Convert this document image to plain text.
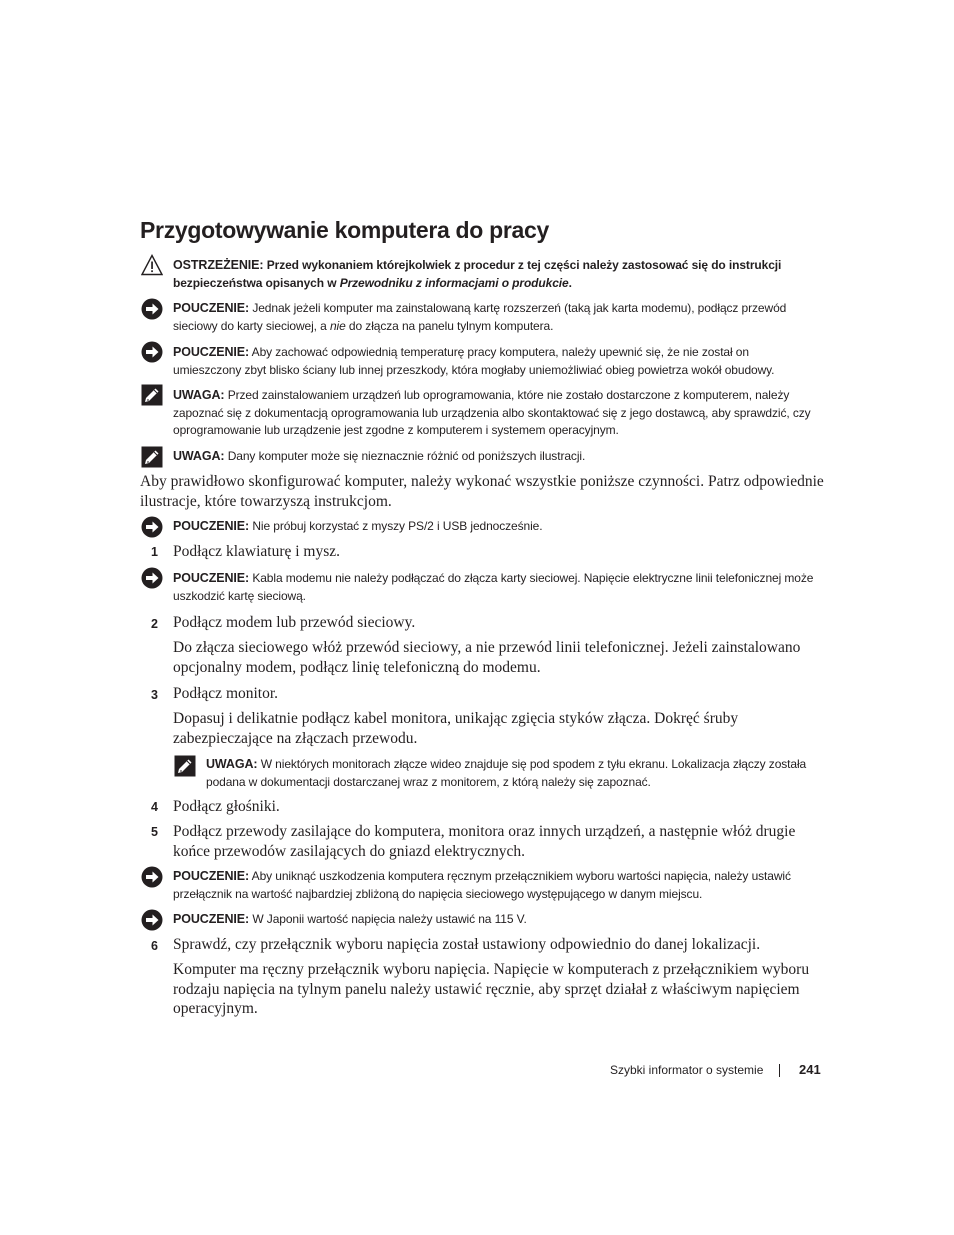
Przygotowywanie komputera do pracy
OSTRZEŻENIE: Przed wykonaniem którejkolwiek z procedur z tej części należy zastosować się do instrukcji
bezpieczeństwa opisanych w Przewodniku z informacjami o produkcie.
POUCZENIE: Jednak jeżeli komputer ma zainstalowaną kartę rozszerzeń (taką jak karta modemu), podłącz przewód
sieciowy do karty sieciowej, a nie do złącza na panelu tylnym komputera.
POUCZENIE: Aby zachować odpowiednią temperaturę pracy komputera, należy upewnić się, że nie został on
umieszczony zbyt blisko ściany lub innej przeszkody, która mogłaby uniemożliwiać obieg powietrza wokół obudowy.
UWAGA: Przed zainstalowaniem urządzeń lub oprogramowania, które nie zostało dostarczone z komputerem, należy
zapoznać się z dokumentacją oprogramowania lub urządzenia albo skontaktować się z jego dostawcą, aby sprawdzić, czy
oprogramowanie lub urządzenie jest zgodne z komputerem i systemem operacyjnym.
UWAGA: Dany komputer może się nieznacznie różnić od poniższych ilustracji.
Aby prawidłowo skonfigurować komputer, należy wykonać wszystkie poniższe czynności. Patrz odpowiednie
ilustracje, które towarzyszą instrukcjom.
POUCZENIE: Nie próbuj korzystać z myszy PS/2 i USB jednocześnie.
1 Podłącz klawiaturę i mysz.
POUCZENIE: Kabla modemu nie należy podłączać do złącza karty sieciowej. Napięcie elektryczne linii telefonicznej może
uszkodzić kartę sieciową.
2 Podłącz modem lub przewód sieciowy.
Do złącza sieciowego włóż przewód sieciowy, a nie przewód linii telefonicznej. Jeżeli zainstalowano
opcjonalny modem, podłącz linię telefoniczną do modemu.
3 Podłącz monitor.
Dopasuj i delikatnie podłącz kabel monitora, unikając zgięcia styków złącza. Dokręć śruby
zabezpieczające na złączach przewodu.
UWAGA: W niektórych monitorach złącze wideo znajduje się pod spodem z tyłu ekranu. Lokalizacja złączy została
podana w dokumentacji dostarczanej wraz z monitorem, z którą należy się zapoznać.
4 Podłącz głośniki.
5 Podłącz przewody zasilające do komputera, monitora oraz innych urządzeń, a następnie włóż drugie
końce przewodów zasilających do gniazd elektrycznych.
POUCZENIE: Aby uniknąć uszkodzenia komputera ręcznym przełącznikiem wyboru wartości napięcia, należy ustawić
przełącznik na wartość najbardziej zbliżoną do napięcia sieciowego występującego w danym miejscu.
POUCZENIE: W Japonii wartość napięcia należy ustawić na 115 V.
6 Sprawdź, czy przełącznik wyboru napięcia został ustawiony odpowiednio do danej lokalizacji.
Komputer ma ręczny przełącznik wyboru napięcia. Napięcie w komputerach z przełącznikiem wyboru
rodzaju napięcia na tylnym panelu należy ustawić ręcznie, aby sprzęt działał z właściwym napięciem
operacyjnym.
Szybki informator o systemie	241
